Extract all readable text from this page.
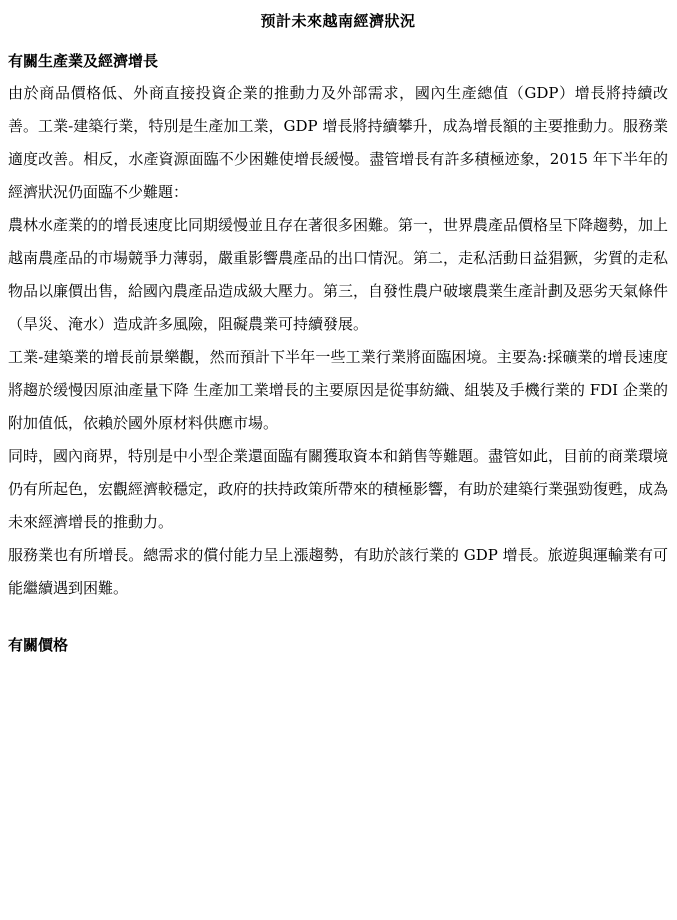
预計未來越南經濟狀況
有關生產業及經濟增長

由於商品價格低、外商直接投資企業的推動力及外部需求，國內生產總值（GDP）增長將持續改善。工業-建築行業，特別是生產加工業，GDP 增長將持續攀升，成為增長額的主要推動力。服務業適度改善。相反，水產資源面臨不少困難使增長緩慢。盡管增長有許多積極迹象，2015 年下半年的經濟狀況仍面臨不少難題：

農林水產業的的增長速度比同期缓慢並且存在著很多困難。第一，世界農產品價格呈下降趨勢，加上越南農產品的市場競爭力薄弱，嚴重影響農產品的出口情況。第二，走私活動日益猖獗，劣質的走私物品以廉價出售，給國內農產品造成級大壓力。第三，自發性農户破壞農業生產計劃及惡劣天氣條件（旱災、淹水）造成許多風險，阻礙農業可持續發展。

工業-建築業的增長前景樂觀，然而預計下半年一些工業行業將面臨困境。主要為:採礦業的增長速度將趨於缓慢因原油產量下降 生產加工業增長的主要原因是從事紡織、組裝及手機行業的 FDI 企業的附加值低，依賴於國外原材料供應市場。

同時，國內商界，特別是中小型企業還面臨有關獲取資本和銷售等難題。盡管如此，目前的商業環境仍有所起色，宏觀經濟較穩定，政府的扶持政策所帶來的積極影響，有助於建築行業强勁復甦，成為未來經濟增長的推動力。

服務業也有所增長。總需求的償付能力呈上漲趨勢，有助於該行業的 GDP 增長。旅遊與運輸業有可能繼續遇到困難。

有關價格
